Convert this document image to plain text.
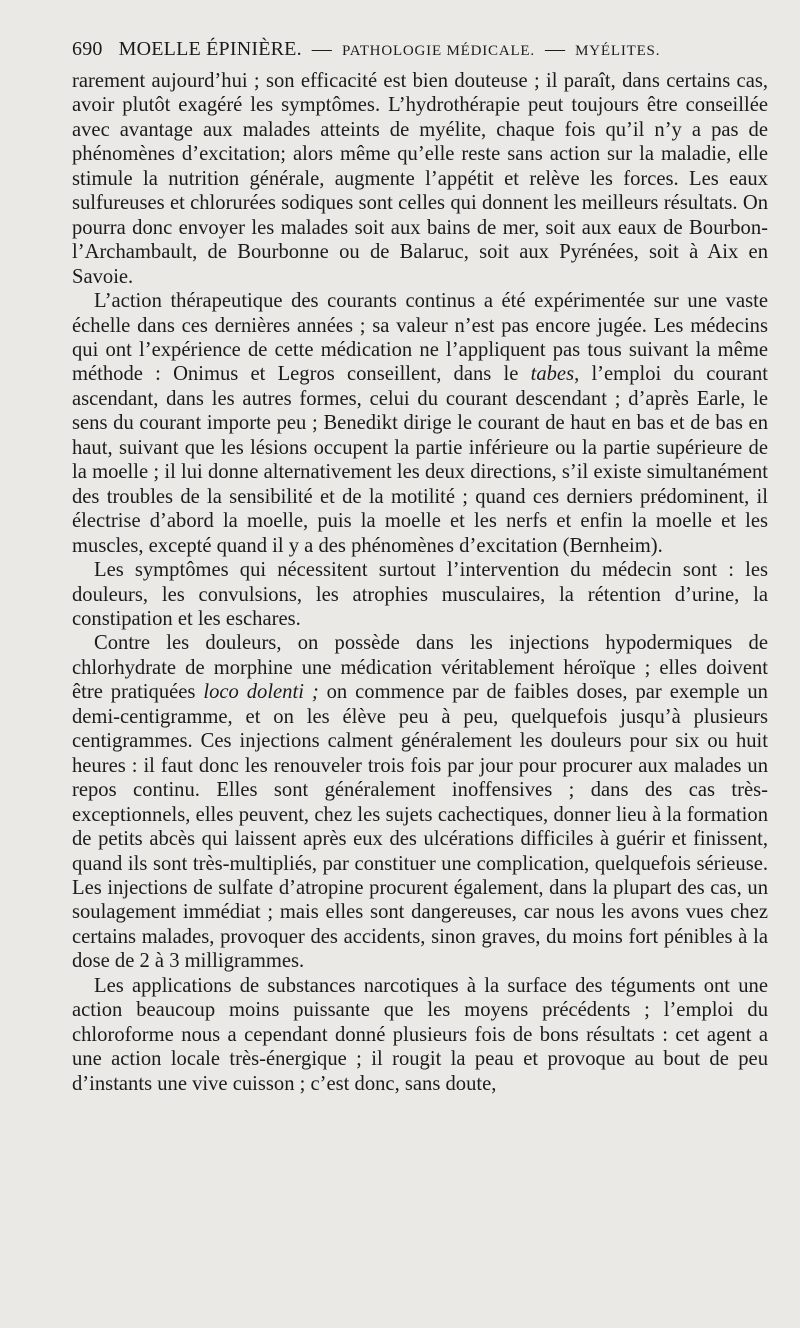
690 MOELLE ÉPINIÈRE. — PATHOLOGIE MÉDICALE. — MYÉLITES.

rarement aujourd’hui ; son efficacité est bien douteuse ; il paraît, dans certains cas, avoir plutôt exagéré les symptômes. L’hydrothérapie peut toujours être conseillée avec avantage aux malades atteints de myélite, chaque fois qu’il n’y a pas de phénomènes d’excitation; alors même qu’elle reste sans action sur la maladie, elle stimule la nutrition générale, augmente l’appétit et relève les forces. Les eaux sulfureuses et chlorurées sodiques sont celles qui donnent les meilleurs résultats. On pourra donc envoyer les malades soit aux bains de mer, soit aux eaux de Bourbon-l’Archambault, de Bourbonne ou de Balaruc, soit aux Pyrénées, soit à Aix en Savoie.

L’action thérapeutique des courants continus a été expérimentée sur une vaste échelle dans ces dernières années ; sa valeur n’est pas encore jugée. Les médecins qui ont l’expérience de cette médication ne l’appliquent pas tous suivant la même méthode : Onimus et Legros conseillent, dans le tabes, l’emploi du courant ascendant, dans les autres formes, celui du courant descendant ; d’après Earle, le sens du courant importe peu ; Benedikt dirige le courant de haut en bas et de bas en haut, suivant que les lésions occupent la partie inférieure ou la partie supérieure de la moelle ; il lui donne alternativement les deux directions, s’il existe simultanément des troubles de la sensibilité et de la motilité ; quand ces derniers prédominent, il électrise d’abord la moelle, puis la moelle et les nerfs et enfin la moelle et les muscles, excepté quand il y a des phénomènes d’excitation (Bernheim).

Les symptômes qui nécessitent surtout l’intervention du médecin sont : les douleurs, les convulsions, les atrophies musculaires, la rétention d’urine, la constipation et les eschares.

Contre les douleurs, on possède dans les injections hypodermiques de chlorhydrate de morphine une médication véritablement héroïque ; elles doivent être pratiquées loco dolenti ; on commence par de faibles doses, par exemple un demi-centigramme, et on les élève peu à peu, quelquefois jusqu’à plusieurs centigrammes. Ces injections calment généralement les douleurs pour six ou huit heures : il faut donc les renouveler trois fois par jour pour procurer aux malades un repos continu. Elles sont généralement inoffensives ; dans des cas très-exceptionnels, elles peuvent, chez les sujets cachectiques, donner lieu à la formation de petits abcès qui laissent après eux des ulcérations difficiles à guérir et finissent, quand ils sont très-multipliés, par constituer une complication, quelquefois sérieuse. Les injections de sulfate d’atropine procurent également, dans la plupart des cas, un soulagement immédiat ; mais elles sont dangereuses, car nous les avons vues chez certains malades, provoquer des accidents, sinon graves, du moins fort pénibles à la dose de 2 à 3 milligrammes.

Les applications de substances narcotiques à la surface des téguments ont une action beaucoup moins puissante que les moyens précédents ; l’emploi du chloroforme nous a cependant donné plusieurs fois de bons résultats : cet agent a une action locale très-énergique ; il rougit la peau et provoque au bout de peu d’instants une vive cuisson ; c’est donc, sans doute,
